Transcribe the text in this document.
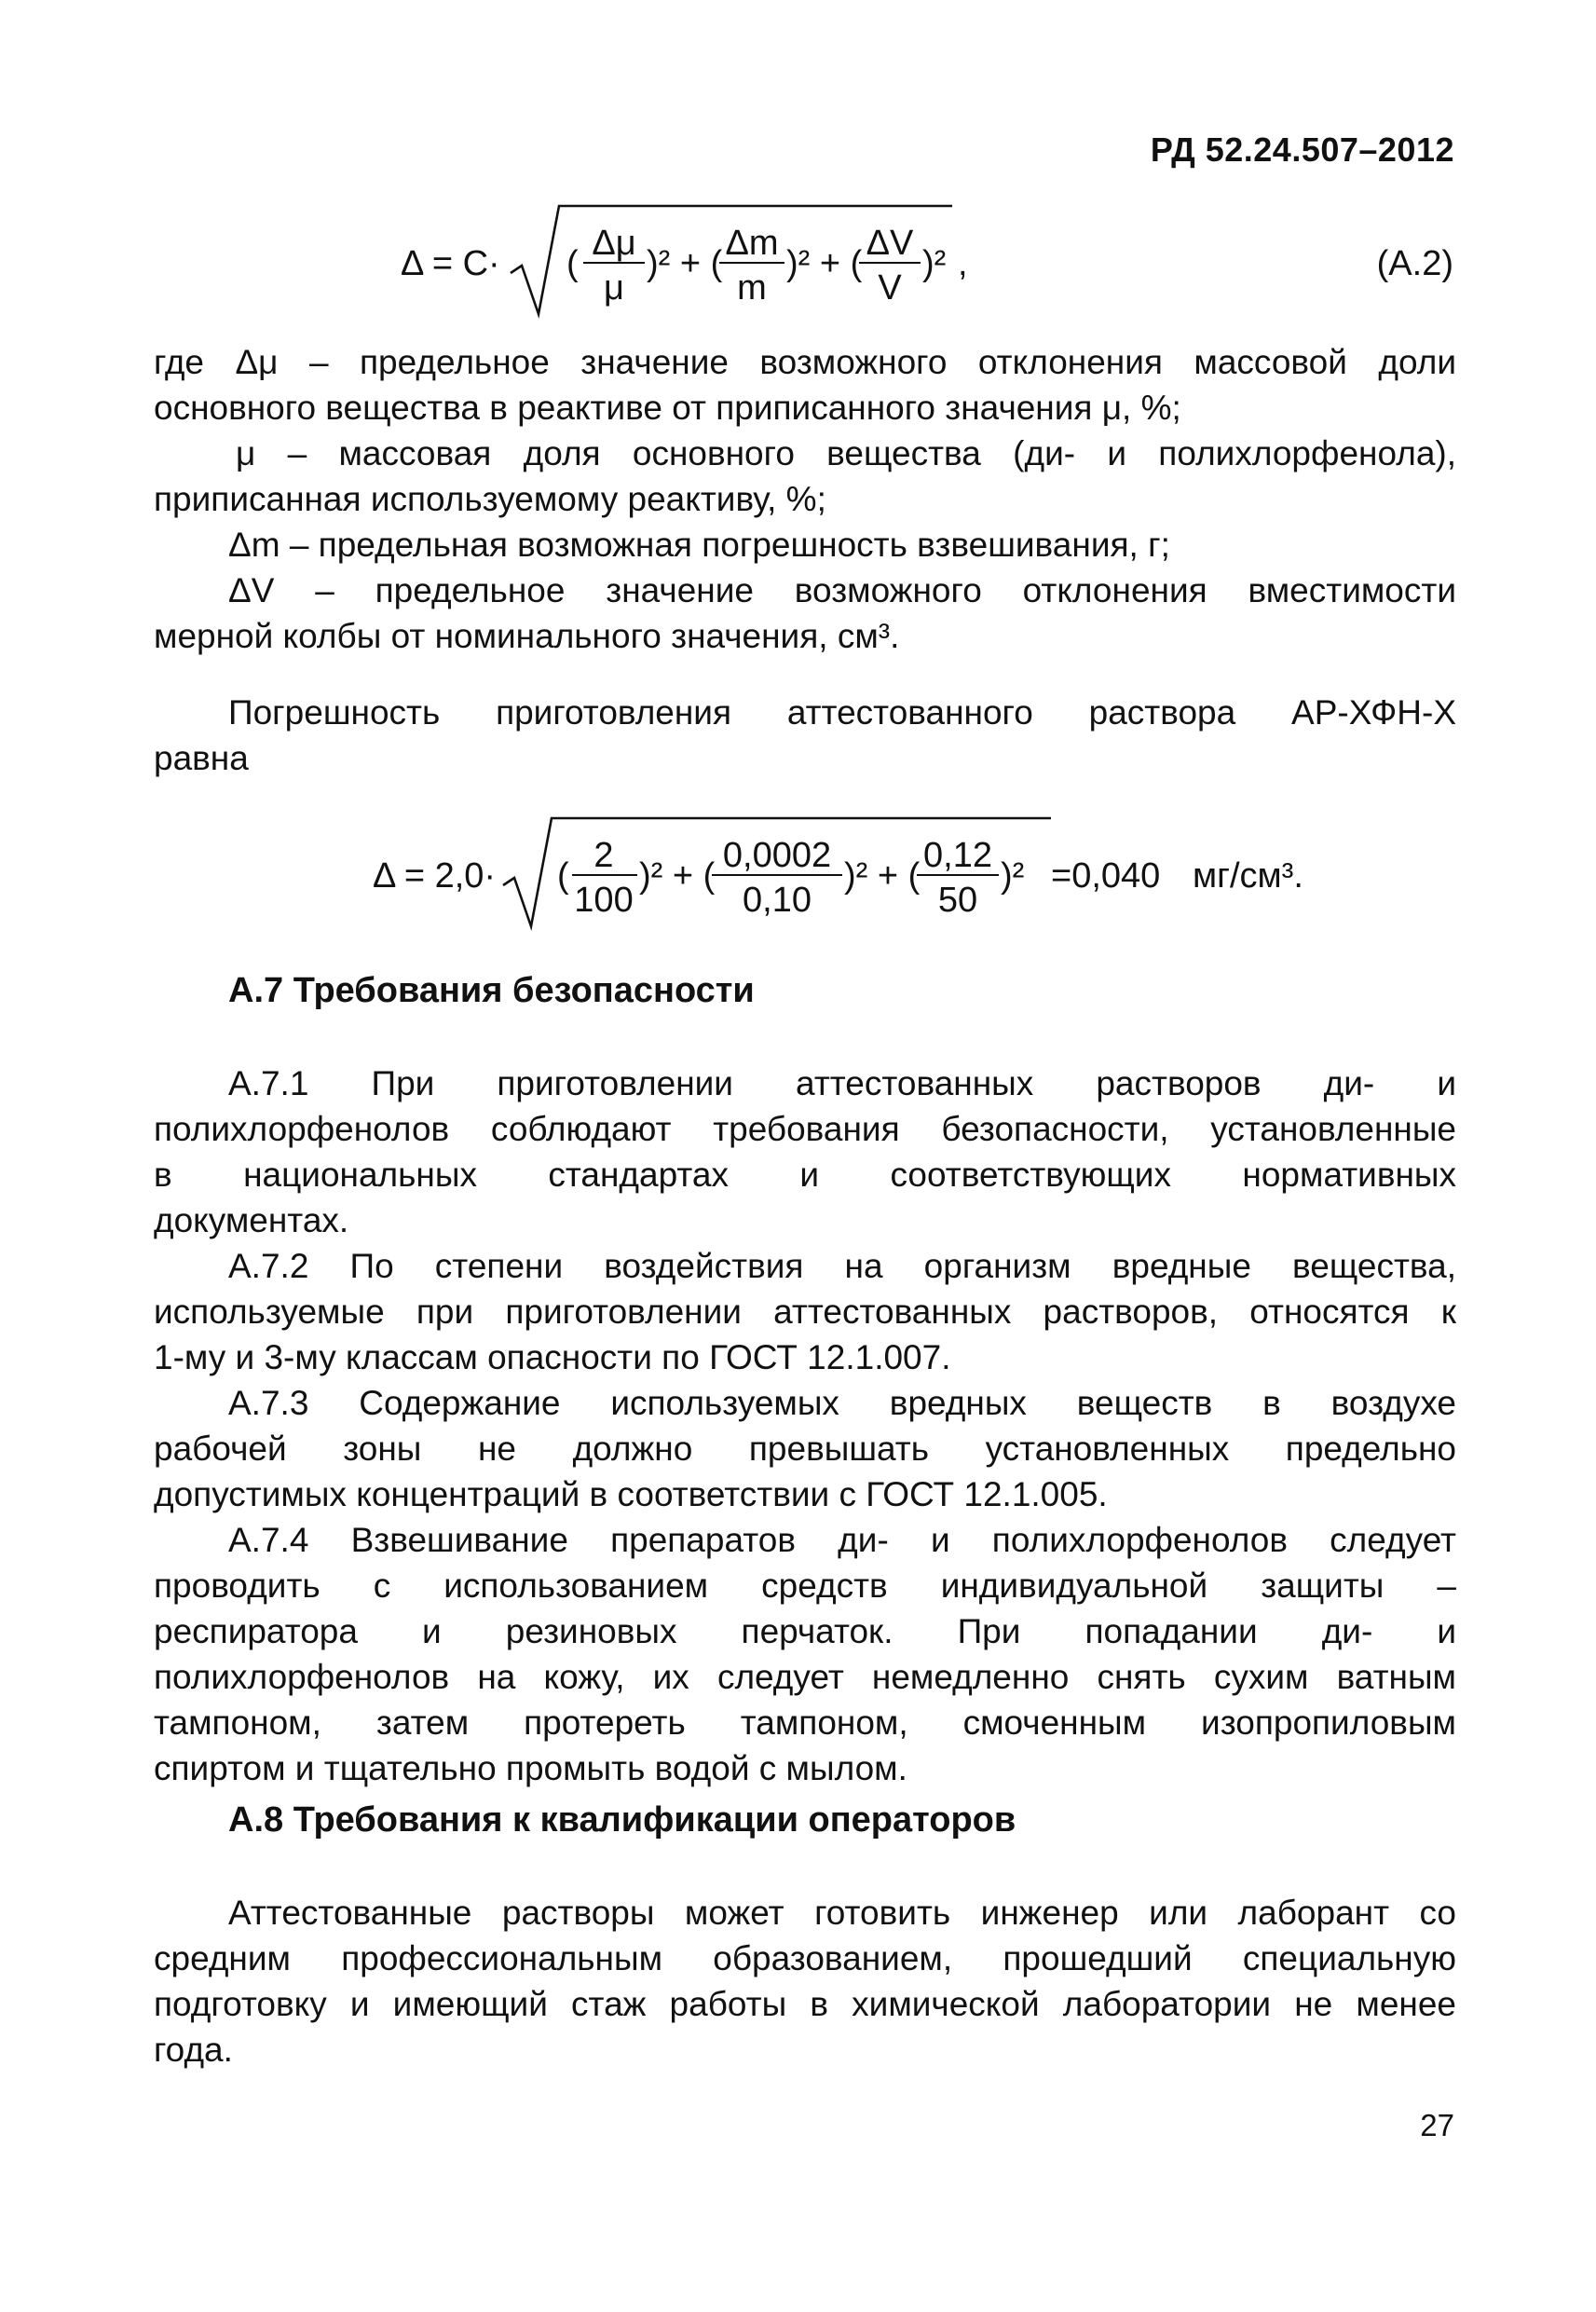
РД 52.24.507–2012
Δ = С· (
Δμ
μ
)² + (
Δm
m
)² + (
ΔV
V
)² ,	(А.2)
где Δμ – предельное значение возможного отклонения массовой доли
основного вещества в реактиве от приписанного значения μ, %;
μ – массовая доля основного вещества (ди- и полихлорфенола),
приписанная используемому реактиву, %;
Δm – предельная возможная погрешность взвешивания, г;
ΔV – предельное значение возможного отклонения вместимости
мерной колбы от номинального значения, см³.
Погрешность приготовления аттестованного раствора АР-ХФН-Х
равна
Δ = 2,0· (
2
100
)² + (
0,0002
0,10
)² + (
0,12
50
)² =0,040 мг/см³.
А.7 Требования безопасности
А.7.1 При приготовлении аттестованных растворов ди- и
полихлорфенолов соблюдают требования безопасности, установленные
в национальных стандартах и соответствующих нормативных
документах.
А.7.2 По степени воздействия на организм вредные вещества,
используемые при приготовлении аттестованных растворов, относятся к
1-му и 3-му классам опасности по ГОСТ 12.1.007.
А.7.3 Содержание используемых вредных веществ в воздухе
рабочей зоны не должно превышать установленных предельно
допустимых концентраций в соответствии с ГОСТ 12.1.005.
А.7.4 Взвешивание препаратов ди- и полихлорфенолов следует
проводить с использованием средств индивидуальной защиты –
респиратора и резиновых перчаток. При попадании ди- и
полихлорфенолов на кожу, их следует немедленно снять сухим ватным
тампоном, затем протереть тампоном, смоченным изопропиловым
спиртом и тщательно промыть водой с мылом.
А.8 Требования к квалификации операторов
Аттестованные растворы может готовить инженер или лаборант со
средним профессиональным образованием, прошедший специальную
подготовку и имеющий стаж работы в химической лаборатории не менее
года.
27
